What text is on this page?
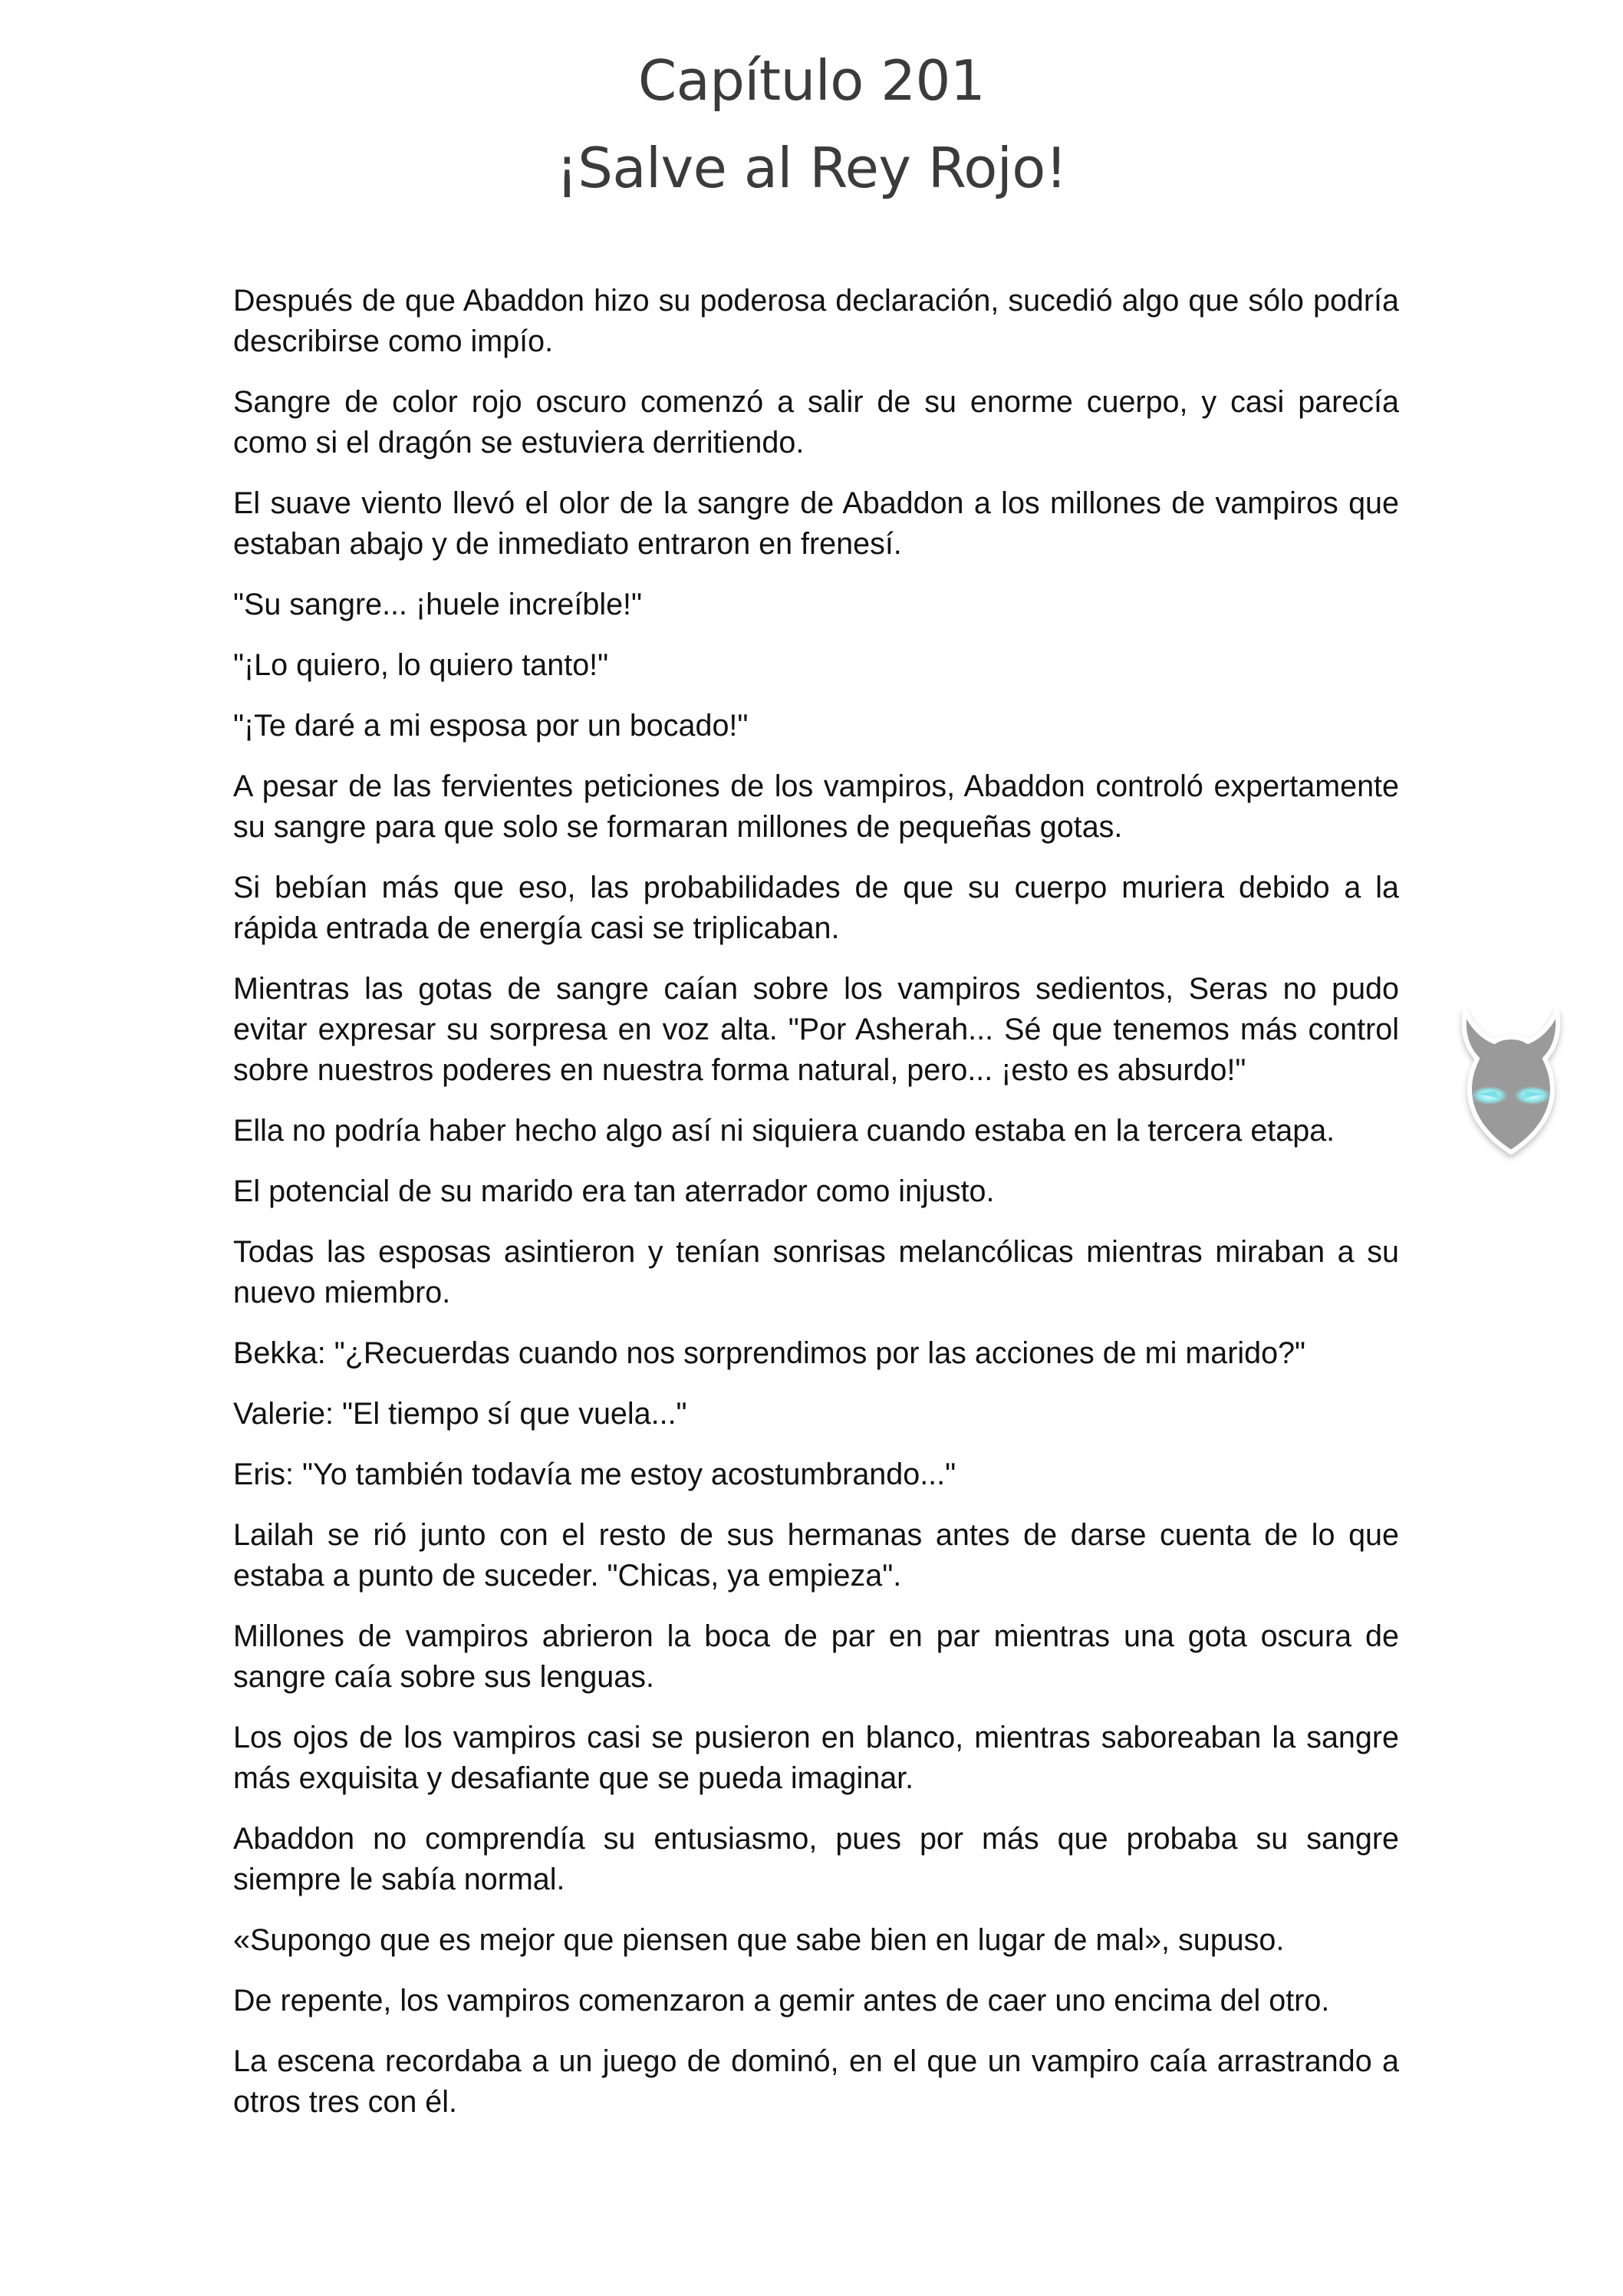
Capítulo 201
¡Salve al Rey Rojo!

Después de que Abaddon hizo su poderosa declaración, sucedió algo que sólo podría describirse como impío.

Sangre de color rojo oscuro comenzó a salir de su enorme cuerpo, y casi parecía como si el dragón se estuviera derritiendo.

El suave viento llevó el olor de la sangre de Abaddon a los millones de vampiros que estaban abajo y de inmediato entraron en frenesí.

"Su sangre... ¡huele increíble!"

"¡Lo quiero, lo quiero tanto!"

"¡Te daré a mi esposa por un bocado!"

A pesar de las fervientes peticiones de los vampiros, Abaddon controló expertamente su sangre para que solo se formaran millones de pequeñas gotas.

Si bebían más que eso, las probabilidades de que su cuerpo muriera debido a la rápida entrada de energía casi se triplicaban.

Mientras las gotas de sangre caían sobre los vampiros sedientos, Seras no pudo evitar expresar su sorpresa en voz alta. "Por Asherah... Sé que tenemos más control sobre nuestros poderes en nuestra forma natural, pero... ¡esto es absurdo!"

Ella no podría haber hecho algo así ni siquiera cuando estaba en la tercera etapa.

El potencial de su marido era tan aterrador como injusto.

Todas las esposas asintieron y tenían sonrisas melancólicas mientras miraban a su nuevo miembro.

Bekka: "¿Recuerdas cuando nos sorprendimos por las acciones de mi marido?"

Valerie: "El tiempo sí que vuela..."

Eris: "Yo también todavía me estoy acostumbrando..."

Lailah se rió junto con el resto de sus hermanas antes de darse cuenta de lo que estaba a punto de suceder. "Chicas, ya empieza".

Millones de vampiros abrieron la boca de par en par mientras una gota oscura de sangre caía sobre sus lenguas.

Los ojos de los vampiros casi se pusieron en blanco, mientras saboreaban la sangre más exquisita y desafiante que se pueda imaginar.

Abaddon no comprendía su entusiasmo, pues por más que probaba su sangre siempre le sabía normal.

«Supongo que es mejor que piensen que sabe bien en lugar de mal», supuso.

De repente, los vampiros comenzaron a gemir antes de caer uno encima del otro.

La escena recordaba a un juego de dominó, en el que un vampiro caía arrastrando a otros tres con él.
